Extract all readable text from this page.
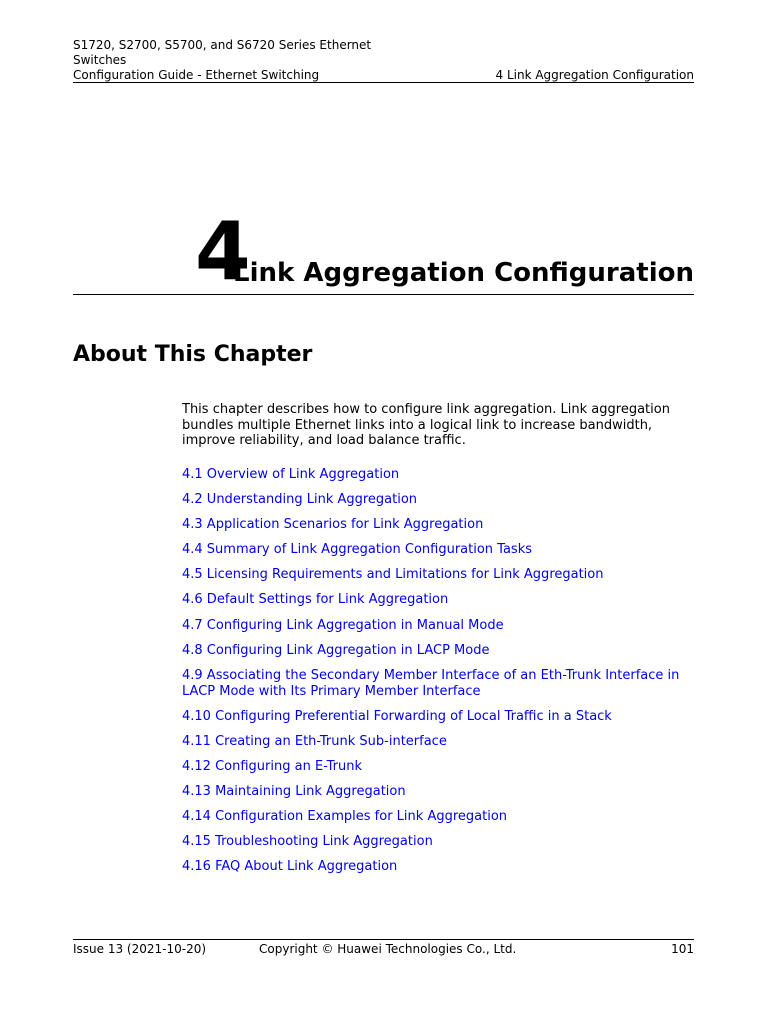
S1720, S2700, S5700, and S6720 Series Ethernet
Switches
Configuration Guide - Ethernet Switching	4 Link Aggregation Configuration
4
Link Aggregation Configuration
About This Chapter
This chapter describes how to configure link aggregation. Link aggregation bundles multiple Ethernet links into a logical link to increase bandwidth, improve reliability, and load balance traffic.
4.1 Overview of Link Aggregation
4.2 Understanding Link Aggregation
4.3 Application Scenarios for Link Aggregation
4.4 Summary of Link Aggregation Configuration Tasks
4.5 Licensing Requirements and Limitations for Link Aggregation
4.6 Default Settings for Link Aggregation
4.7 Configuring Link Aggregation in Manual Mode
4.8 Configuring Link Aggregation in LACP Mode
4.9 Associating the Secondary Member Interface of an Eth-Trunk Interface in LACP Mode with Its Primary Member Interface
4.10 Configuring Preferential Forwarding of Local Traffic in a Stack
4.11 Creating an Eth-Trunk Sub-interface
4.12 Configuring an E-Trunk
4.13 Maintaining Link Aggregation
4.14 Configuration Examples for Link Aggregation
4.15 Troubleshooting Link Aggregation
4.16 FAQ About Link Aggregation
Issue 13 (2021-10-20)	Copyright © Huawei Technologies Co., Ltd.	101
